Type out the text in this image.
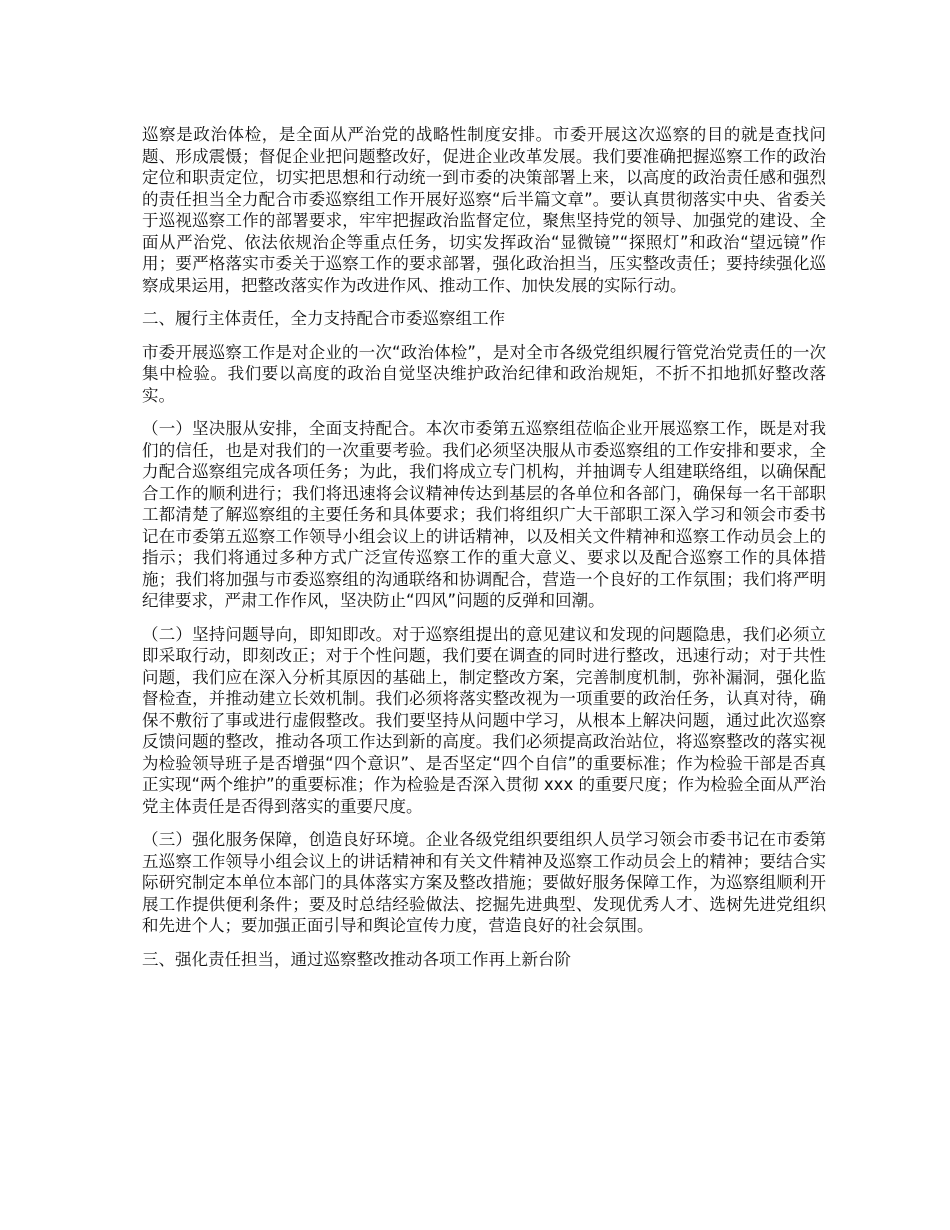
巡察是政治体检，是全面从严治党的战略性制度安排。市委开展这次巡察的目的就是查找问题、形成震慑；督促企业把问题整改好，促进企业改革发展。我们要准确把握巡察工作的政治定位和职责定位，切实把思想和行动统一到市委的决策部署上来，以高度的政治责任感和强烈的责任担当全力配合市委巡察组工作开展好巡察“后半篇文章”。要认真贯彻落实中央、省委关于巡视巡察工作的部署要求，牢牢把握政治监督定位，聚焦坚持党的领导、加强党的建设、全面从严治党、依法依规治企等重点任务，切实发挥政治“显微镜”“探照灯”和政治“望远镜”作用；要严格落实市委关于巡察工作的要求部署，强化政治担当，压实整改责任；要持续强化巡察成果运用，把整改落实作为改进作风、推动工作、加快发展的实际行动。

二、履行主体责任，全力支持配合市委巡察组工作

市委开展巡察工作是对企业的一次“政治体检”，是对全市各级党组织履行管党治党责任的一次集中检验。我们要以高度的政治自觉坚决维护政治纪律和政治规矩，不折不扣地抓好整改落实。

（一）坚决服从安排，全面支持配合。本次市委第五巡察组莅临企业开展巡察工作，既是对我们的信任，也是对我们的一次重要考验。我们必须坚决服从市委巡察组的工作安排和要求，全力配合巡察组完成各项任务；为此，我们将成立专门机构，并抽调专人组建联络组，以确保配合工作的顺利进行；我们将迅速将会议精神传达到基层的各单位和各部门，确保每一名干部职工都清楚了解巡察组的主要任务和具体要求；我们将组织广大干部职工深入学习和领会市委书记在市委第五巡察工作领导小组会议上的讲话精神，以及相关文件精神和巡察工作动员会上的指示；我们将通过多种方式广泛宣传巡察工作的重大意义、要求以及配合巡察工作的具体措施；我们将加强与市委巡察组的沟通联络和协调配合，营造一个良好的工作氛围；我们将严明纪律要求，严肃工作作风，坚决防止“四风”问题的反弹和回潮。

（二）坚持问题导向，即知即改。对于巡察组提出的意见建议和发现的问题隐患，我们必须立即采取行动，即刻改正；对于个性问题，我们要在调查的同时进行整改，迅速行动；对于共性问题，我们应在深入分析其原因的基础上，制定整改方案，完善制度机制，弥补漏洞，强化监督检查，并推动建立长效机制。我们必须将落实整改视为一项重要的政治任务，认真对待，确保不敷衍了事或进行虚假整改。我们要坚持从问题中学习，从根本上解决问题，通过此次巡察反馈问题的整改，推动各项工作达到新的高度。我们必须提高政治站位，将巡察整改的落实视为检验领导班子是否增强“四个意识”、是否坚定“四个自信”的重要标准；作为检验干部是否真正实现“两个维护”的重要标准；作为检验是否深入贯彻 xxx 的重要尺度；作为检验全面从严治党主体责任是否得到落实的重要尺度。

（三）强化服务保障，创造良好环境。企业各级党组织要组织人员学习领会市委书记在市委第五巡察工作领导小组会议上的讲话精神和有关文件精神及巡察工作动员会上的精神；要结合实际研究制定本单位本部门的具体落实方案及整改措施；要做好服务保障工作，为巡察组顺利开展工作提供便利条件；要及时总结经验做法、挖掘先进典型、发现优秀人才、选树先进党组织和先进个人；要加强正面引导和舆论宣传力度，营造良好的社会氛围。

三、强化责任担当，通过巡察整改推动各项工作再上新台阶
